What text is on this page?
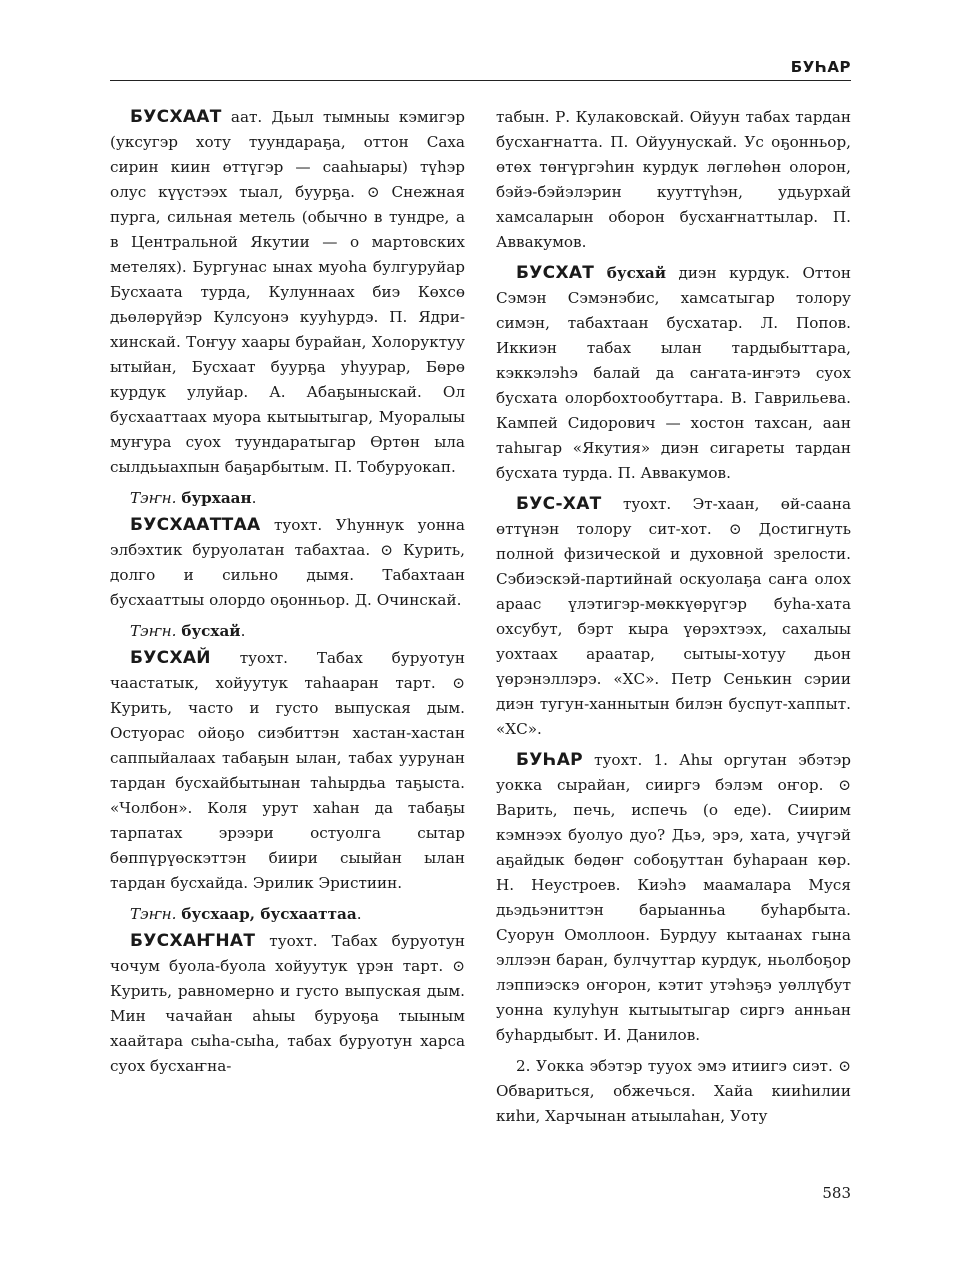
БУҺАР

БУСХААТ аат. Дьыл тымныы кэмигэр (уксугэр хоту туундараҕа, оттон Саха сирин киин өттүгэр — сааһыары) түһэр олус күүстээх тыал, буурҕа. ⊙ Снежная пурга, сильная метель (обычно в тундре, а в Центральной Якутии — о мартовских метелях). Бургунас ынах муоһа булгуруйар Бусхаата турда, Кулуннаах биэ Көхсө дьөлөрүйэр Кулсуонэ кууһурдэ. П. Ядрихинскай. Тоҥуу хаары бурайан, Холоруктуу ытыйан, Бусхаат буурҕа уһуурар, Бөрө курдук улуйар. А. Абаҕыныскай. Ол бусхааттаах муора кытыытыгар, Муоралыы муҥура суох туундаратыгар Өртөн ыла сылдьыахпын баҕарбытым. П. Тобуруокап.

Тэҥн. бурхаан.

БУСХААТТАА туохт. Уһуннук уонна элбэхтик буруолатан табахтаа. ⊙ Курить, долго и сильно дымя. Табахтаан бусхааттыы олордо оҕонньор. Д. Очинскай.

Тэҥн. бусхай.

БУСХАЙ туохт. Табах буруотун чаастатык, хойуутук таһааран тарт. ⊙ Курить, часто и густо выпуская дым. Остуорас ойоҕо сиэбиттэн хастан-хастан саппыйалаах табаҕын ылан, табах уурунан тардан бусхайбытынан таһырдьа таҕыста. «Чолбон». Коля урут хаһан да табаҕы тарпатах эрээри остуолга сытар бөппүрүөскэттэн биири сыыйан ылан тардан бусхайда. Эрилик Эристиин.

Тэҥн. бусхаар, бусхааттаа.

БУСХАҤНАТ туохт. Табах буруотун чочум буола-буола хойуутук үрэн тарт. ⊙ Курить, равномерно и густо выпуская дым. Мин чачайан аһыы буруоҕа тыыным хаайтара сыһа-сыһа, табах буруотун харса суох бусхаҥна-

табын. Р. Кулаковскай. Ойуун табах тардан бусхаҥнатта. П. Ойуунускай. Ус оҕонньор, өтөх төҥүргэһин курдук лөглөһөн олорон, бэйэ-бэйэлэрин кууттүһэн, удьурхай хамсаларын оборон бусхаҥнаттылар. П. Аввакумов.

БУСХАТ бусхай диэн курдук. Оттон Сэмэн Сэмэнэбис, хамсатыгар толору симэн, табахтаан бусхатар. Л. Попов. Иккиэн табах ылан тардыбыттара, кэккэлэһэ балай да саҥата-иҥэтэ суох бусхата олорбохтообуттара. В. Гаврильева. Кампей Сидорович — хостон тахсан, аан таһыгар «Якутия» диэн сигареты тардан бусхата турда. П. Аввакумов.

БУС-ХАТ туохт. Эт-хаан, өй-саана өттүнэн толору сит-хот. ⊙ Достигнуть полной физической и духовной зрелости. Сэбиэскэй-партийнай оскуолаҕа саҥа олох араас үлэтигэр-мөккүөрүгэр буһа-хата охсубут, бэрт кыра үөрэхтээх, сахалыы уохтаах араатар, сытыы-хотуу дьон үөрэнэллэрэ. «ХС». Петр Сенькин сэрии диэн тугун-ханнытын билэн буспут-хаппыт. «ХС».

БУҺАР туохт. 1. Аһы оргутан эбэтэр уокка сырайан, сииргэ бэлэм оҥор. ⊙ Варить, печь, испечь (о еде). Сиирим кэмнээх буолуо дуо? Дьэ, эрэ, хата, учүгэй аҕайдык бөдөҥ собоҕуттан буһараан көр. Н. Неустроев. Киэһэ маамалара Муся дьэдьэниттэн барыанньа буһарбыта. Суорун Омоллоон. Бурдуу кытаанах гына эллээн баран, булчуттар курдук, ньолбоҕор лэппиэскэ оҥорон, кэтит утэһэҕэ уөллүбут уонна кулуһун кытыытыгар сиргэ анньан буһардыбыт. И. Данилов.

2. Уокка эбэтэр тууох эмэ итиигэ сиэт. ⊙ Обвариться, обжечься. Хайа кииһилии киһи, Харчынан атыылаһан, Уоту

583
